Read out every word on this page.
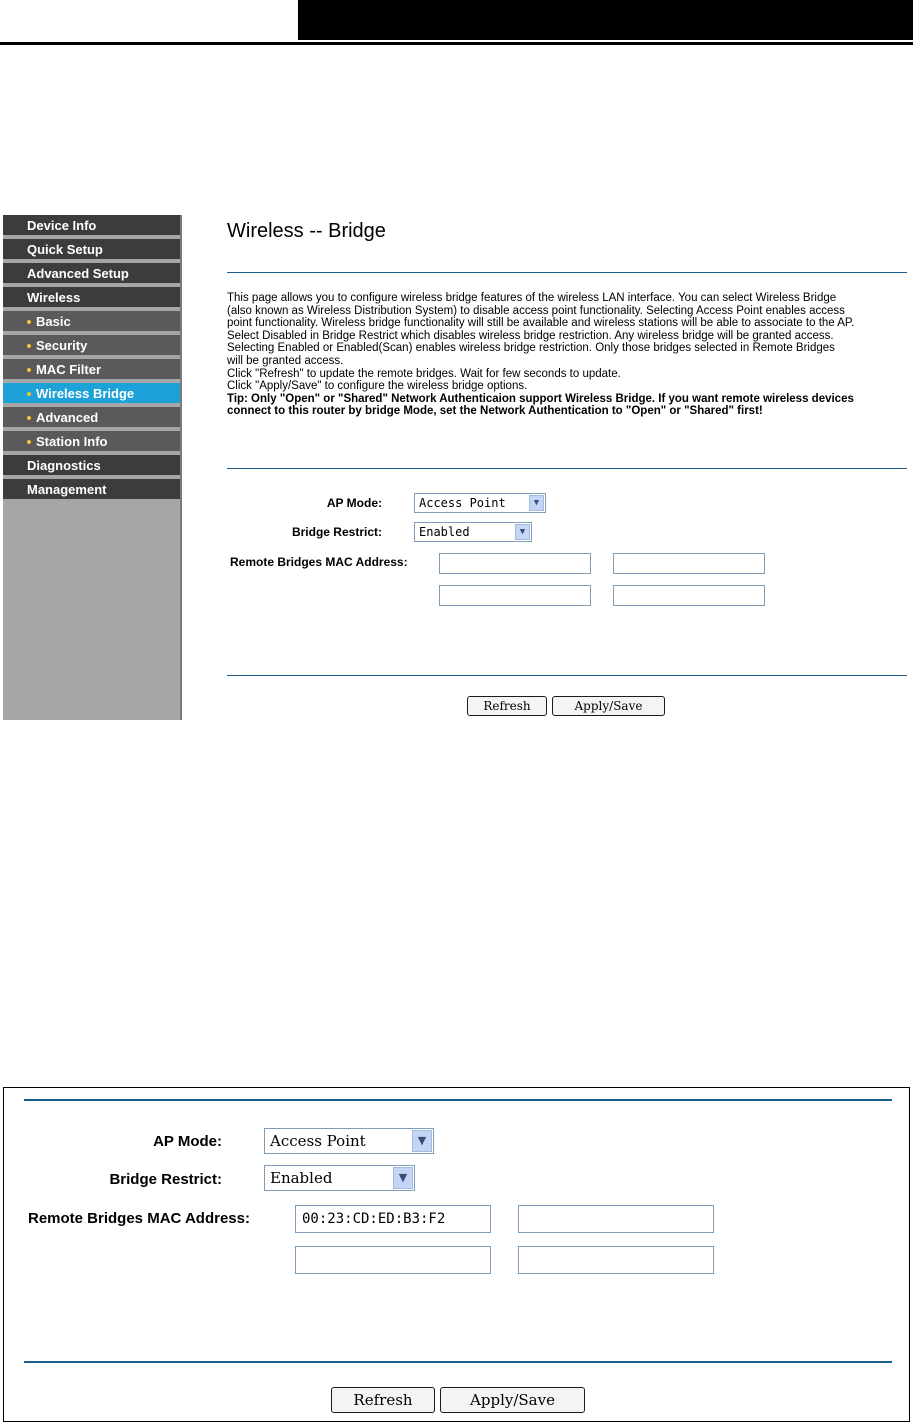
Device Info
Quick Setup
Advanced Setup
Wireless
Basic
Security
MAC Filter
Wireless Bridge
Advanced
Station Info
Diagnostics
Management
Wireless -- Bridge

This page allows you to configure wireless bridge features of the wireless LAN interface. You can select Wireless Bridge

(also known as Wireless Distribution System) to disable access point functionality. Selecting Access Point enables access

point functionality. Wireless bridge functionality will still be available and wireless stations will be able to associate to the AP.

Select Disabled in Bridge Restrict which disables wireless bridge restriction. Any wireless bridge will be granted access.

Selecting Enabled or Enabled(Scan) enables wireless bridge restriction. Only those bridges selected in Remote Bridges

will be granted access.

Click "Refresh" to update the remote bridges. Wait for few seconds to update.

Click "Apply/Save" to configure the wireless bridge options.

Tip: Only "Open" or "Shared" Network Authenticaion support Wireless Bridge. If you want remote wireless devices

connect to this router by bridge Mode, set the Network Authentication to "Open" or "Shared" first!

AP Mode:	Access Point	▼
Bridge Restrict:	Enabled	▼
Remote Bridges MAC Address:
Refresh	Apply/Save
AP Mode:	Access Point	▼
Bridge Restrict:	Enabled	▼
Remote Bridges MAC Address:	00:23:CD:ED:B3:F2
Refresh	Apply/Save
